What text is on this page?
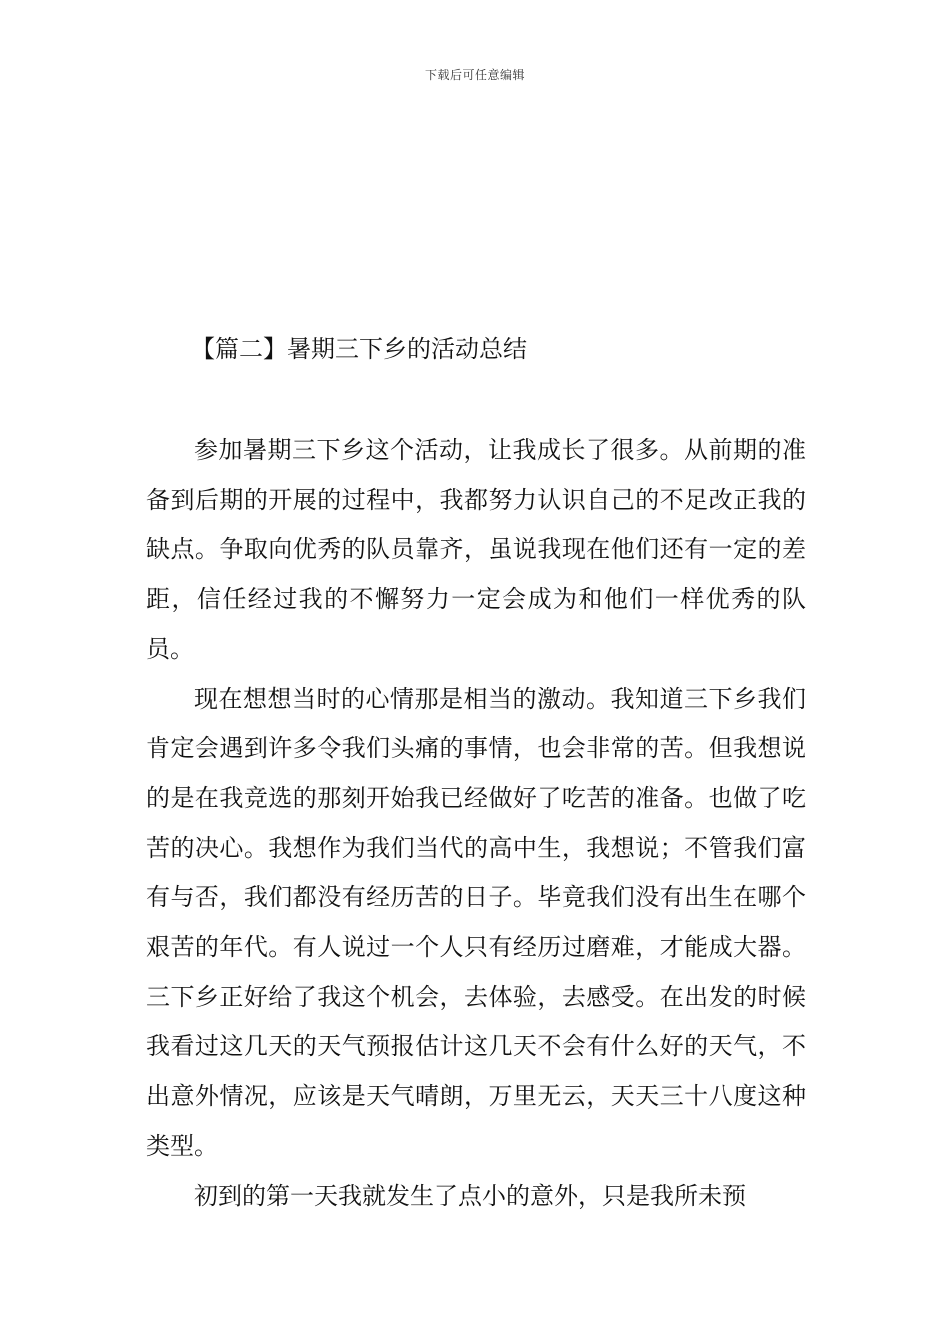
下载后可任意编辑
【篇二】暑期三下乡的活动总结

参加暑期三下乡这个活动，让我成长了很多。从前期的准备到后期的开展的过程中，我都努力认识自己的不足改正我的缺点。争取向优秀的队员靠齐，虽说我现在他们还有一定的差距，信任经过我的不懈努力一定会成为和他们一样优秀的队员。

现在想想当时的心情那是相当的激动。我知道三下乡我们肯定会遇到许多令我们头痛的事情，也会非常的苦。但我想说的是在我竞选的那刻开始我已经做好了吃苦的准备。也做了吃苦的决心。我想作为我们当代的高中生，我想说；不管我们富有与否，我们都没有经历苦的日子。毕竟我们没有出生在哪个艰苦的年代。有人说过一个人只有经历过磨难，才能成大器。三下乡正好给了我这个机会，去体验，去感受。在出发的时候我看过这几天的天气预报估计这几天不会有什么好的天气，不出意外情况，应该是天气晴朗，万里无云，天天三十八度这种类型。

初到的第一天我就发生了点小的意外，只是我所未预
